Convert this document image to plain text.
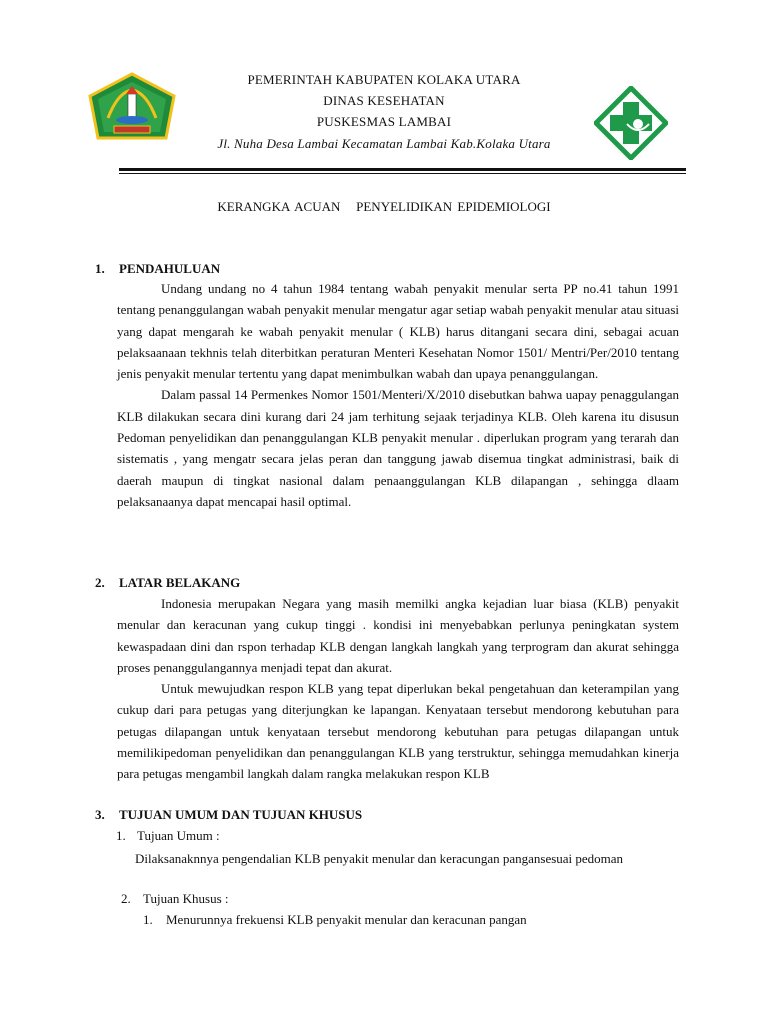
PEMERINTAH KABUPATEN KOLAKA UTARA
DINAS KESEHATAN
PUSKESMAS LAMBAI
Jl. Nuha Desa Lambai Kecamatan Lambai Kab.Kolaka Utara
KERANGKA ACUAN   PENYELIDIKAN EPIDEMIOLOGI
1.	PENDAHULUAN

Undang undang no 4 tahun 1984 tentang wabah penyakit menular serta PP no.41 tahun 1991 tentang penanggulangan wabah penyakit menular mengatur agar setiap wabah penyakit menular atau situasi yang dapat mengarah ke wabah penyakit menular ( KLB) harus ditangani secara dini, sebagai acuan pelaksaanaan tekhnis telah diterbitkan peraturan Menteri Kesehatan Nomor 1501/ Mentri/Per/2010 tentang jenis penyakit menular tertentu yang dapat menimbulkan wabah dan upaya penanggulangan.

Dalam passal 14 Permenkes Nomor 1501/Menteri/X/2010 disebutkan bahwa uapay penaggulangan KLB dilakukan secara dini kurang dari 24 jam terhitung sejaak terjadinya KLB. Oleh karena itu disusun Pedoman penyelidikan dan penanggulangan KLB penyakit menular . diperlukan program yang terarah dan sistematis , yang mengatr secara jelas peran dan tanggung jawab disemua tingkat administrasi, baik di daerah maupun di tingkat nasional dalam penaanggulangan KLB dilapangan , sehingga dlaam pelaksanaanya dapat mencapai hasil optimal.

2.	LATAR BELAKANG

Indonesia merupakan Negara yang masih memilki angka kejadian luar biasa (KLB) penyakit menular dan keracunan yang cukup tinggi . kondisi ini menyebabkan perlunya peningkatan system kewaspadaan dini dan rspon terhadap KLB dengan langkah langkah yang terprogram dan akurat sehingga proses penanggulangannya menjadi tepat dan akurat.

Untuk mewujudkan respon KLB yang tepat diperlukan bekal pengetahuan dan keterampilan yang cukup dari para petugas yang diterjungkan ke lapangan. Kenyataan tersebut mendorong kebutuhan para petugas dilapangan untuk kenyataan tersebut mendorong kebutuhan para petugas dilapangan untuk memilikipedoman penyelidikan dan penanggulangan KLB yang terstruktur, sehingga memudahkan kinerja para petugas mengambil langkah dalam rangka melakukan respon KLB

3.	TUJUAN UMUM DAN TUJUAN KHUSUS
1. Tujuan Umum :

Dilaksanaknnya pengendalian KLB penyakit menular dan keracungan pangansesuai pedoman

2. Tujuan Khusus :
1. Menurunnya frekuensi KLB penyakit menular dan keracunan pangan
